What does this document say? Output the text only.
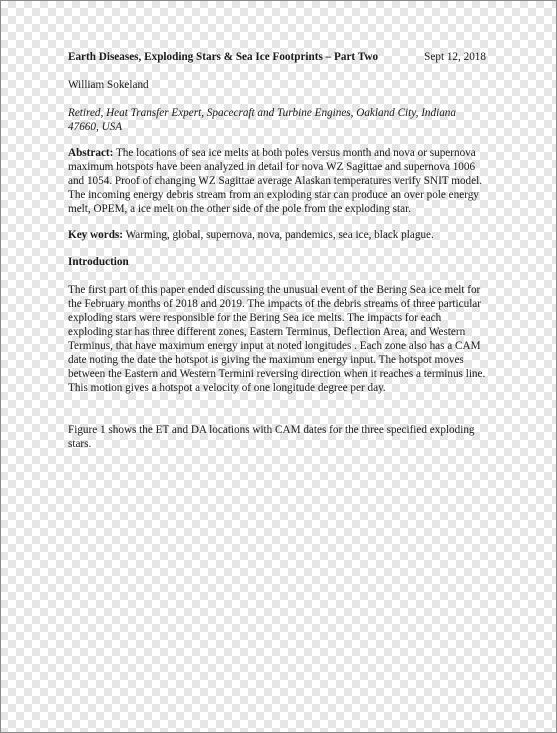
Earth Diseases, Exploding Stars & Sea Ice Footprints – Part Two	Sept 12, 2018
William Sokeland
Retired, Heat Transfer Expert, Spacecraft and Turbine Engines, Oakland City, Indiana 47660, USA
Abstract: The locations of sea ice melts at both poles versus month and nova or supernova maximum hotspots have been analyzed in detail for nova WZ Sagittae and supernova 1006 and 1054. Proof of changing WZ Sagittae average Alaskan temperatures verify SNIT model. The incoming energy debris stream from an exploding star can produce an over pole energy melt, OPEM, a ice melt on the other side of the pole from the exploding star.
Key words: Warming, global, supernova, nova, pandemics, sea ice, black plague.
Introduction
The first part of this paper ended discussing the unusual event of the Bering Sea ice melt for the February months of 2018 and 2019. The impacts of the debris streams of three particular exploding stars were responsible for the Bering Sea ice melts. The impacts for each exploding star has three different zones, Eastern Terminus, Deflection Area, and Western Terminus, that have maximum energy input at noted longitudes . Each zone also has a CAM date noting the date the hotspot is giving the maximum energy input. The hotspot moves between the Eastern and Western Termini reversing direction when it reaches a terminus line. This motion gives a hotspot a velocity of one longitude degree per day.
Figure 1 shows the ET and DA locations with CAM dates for the three specified exploding stars.
